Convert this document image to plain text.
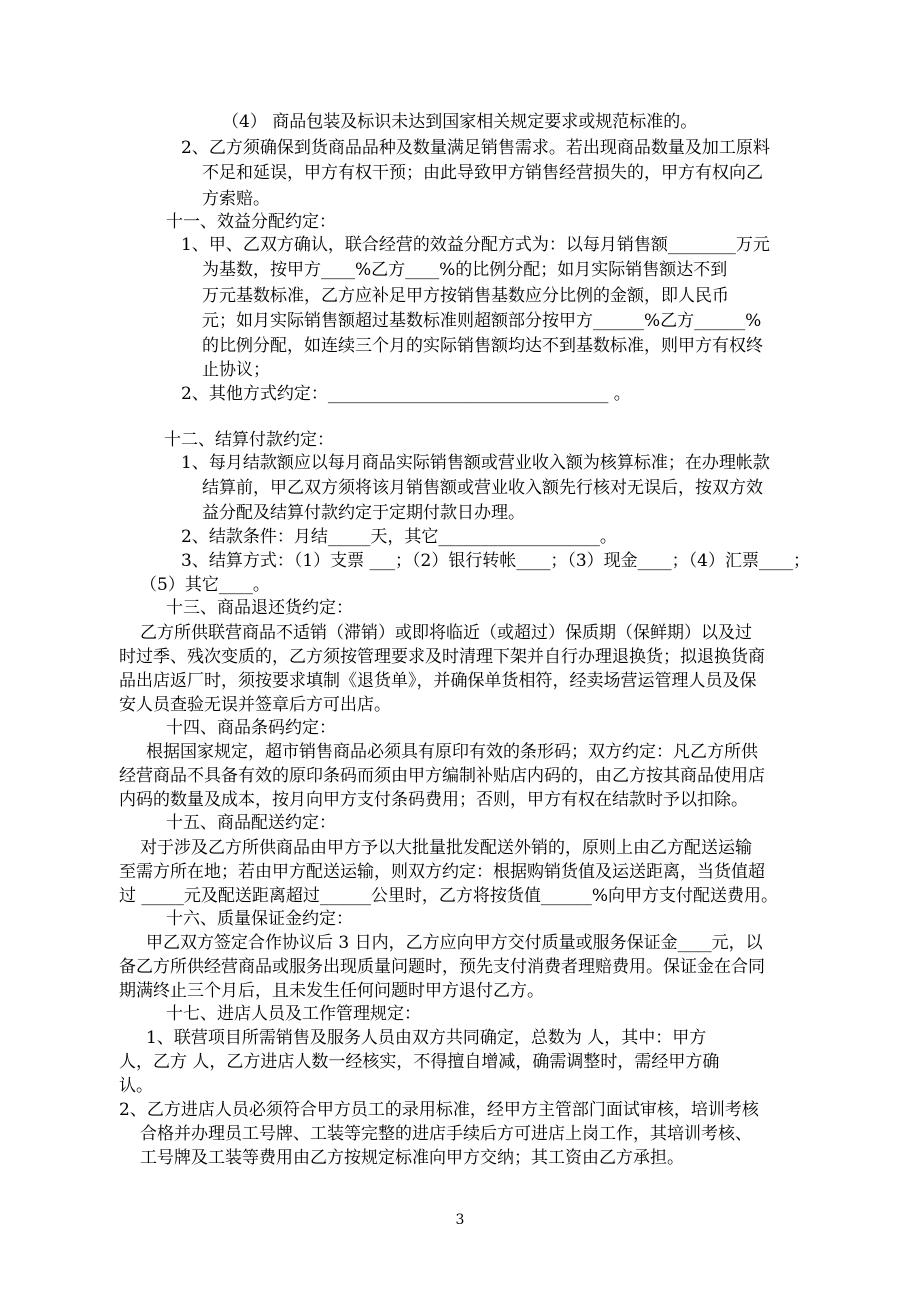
（4） 商品包装及标识未达到国家相关规定要求或规范标准的。
2、乙方须确保到货商品品种及数量满足销售需求。若出现商品数量及加工原料
不足和延误，甲方有权干预；由此导致甲方销售经营损失的，甲方有权向乙
方索赔。
十一、效益分配约定：
1、甲、乙双方确认，联合经营的效益分配方式为：以每月销售额________万元
为基数，按甲方____%乙方____%的比例分配；如月实际销售额达不到
万元基数标准，乙方应补足甲方按销售基数应分比例的金额，即人民币
元；如月实际销售额超过基数标准则超额部分按甲方______%乙方______%
的比例分配，如连续三个月的实际销售额均达不到基数标准，则甲方有权终
止协议；
2、其他方式约定：_________________________________ 。
十二、结算付款约定：
1、每月结款额应以每月商品实际销售额或营业收入额为核算标准；在办理帐款
结算前，甲乙双方须将该月销售额或营业收入额先行核对无误后，按双方效
益分配及结算付款约定于定期付款日办理。
2、结款条件：月结_____天，其它___________________。
3、结算方式：（1）支票 ___；（2）银行转帐____；（3）现金____；（4）汇票____；
（5）其它____。
十三、商品退还货约定：
乙方所供联营商品不适销（滞销）或即将临近（或超过）保质期（保鲜期）以及过
时过季、残次变质的，乙方须按管理要求及时清理下架并自行办理退换货；拟退换货商
品出店返厂时，须按要求填制《退货单》，并确保单货相符，经卖场营运管理人员及保
安人员查验无误并签章后方可出店。
十四、商品条码约定：
根据国家规定，超市销售商品必须具有原印有效的条形码；双方约定：凡乙方所供
经营商品不具备有效的原印条码而须由甲方编制补贴店内码的，由乙方按其商品使用店
内码的数量及成本，按月向甲方支付条码费用；否则，甲方有权在结款时予以扣除。
十五、商品配送约定：
对于涉及乙方所供商品由甲方予以大批量批发配送外销的，原则上由乙方配送运输
至需方所在地；若由甲方配送运输，则双方约定：根据购销货值及运送距离，当货值超
过 _____元及配送距离超过______公里时，乙方将按货值______%向甲方支付配送费用。
十六、质量保证金约定：
甲乙双方签定合作协议后 3 日内，乙方应向甲方交付质量或服务保证金____元，以
备乙方所供经营商品或服务出现质量问题时，预先支付消费者理赔费用。保证金在合同
期满终止三个月后，且未发生任何问题时甲方退付乙方。
十七、进店人员及工作管理规定：
1、联营项目所需销售及服务人员由双方共同确定，总数为 人，其中：甲方
人，乙方 人，乙方进店人数一经核实，不得擅自增减，确需调整时，需经甲方确
认。
2、乙方进店人员必须符合甲方员工的录用标准，经甲方主管部门面试审核，培训考核
合格并办理员工号牌、工装等完整的进店手续后方可进店上岗工作，其培训考核、
工号牌及工装等费用由乙方按规定标准向甲方交纳；其工资由乙方承担。
3
